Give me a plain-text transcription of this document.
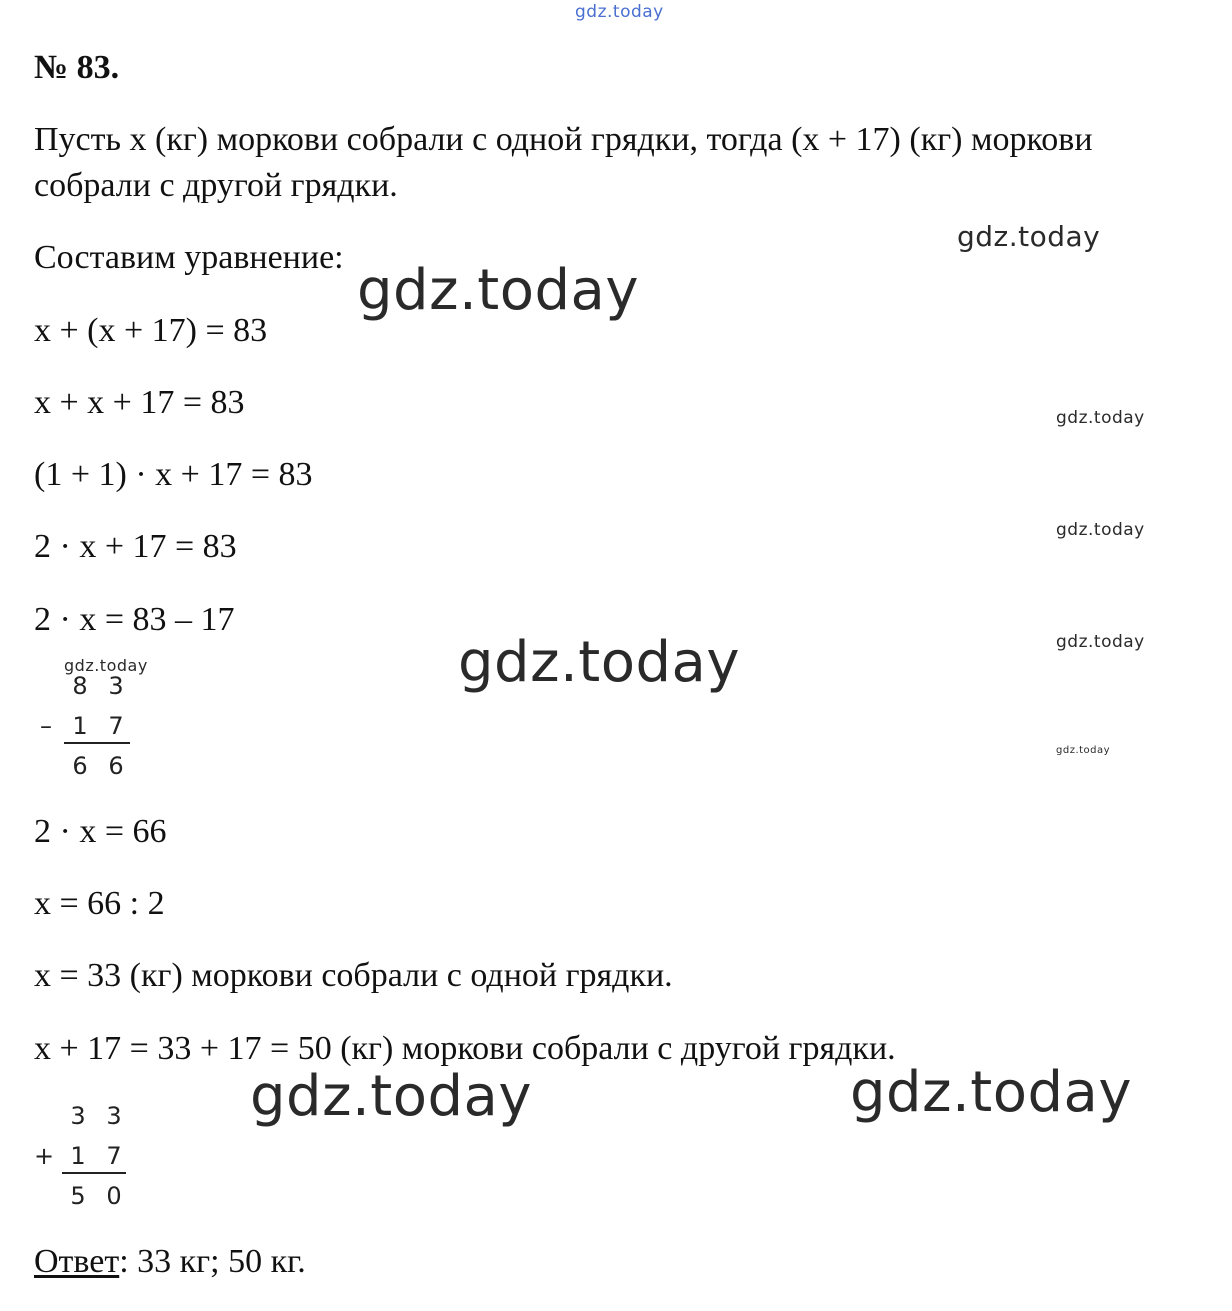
gdz.today
gdz.today
gdz.today
gdz.today
gdz.today
gdz.today
gdz.today
gdz.today
gdz.today
gdz.today	gdz.today
№ 83.
Пусть x (кг) моркови собрали с одной грядки, тогда (x + 17) (кг) моркови
собрали с другой грядки.
Составим уравнение:
x + (x + 17) = 83
x + x + 17 = 83
(1 + 1) · x + 17 = 83
2 · x + 17 = 83
2 · x = 83 – 17
8 3
– 1 7
6 6
2 · x = 66
x = 66 : 2
x = 33 (кг) моркови собрали с одной грядки.
x + 17 = 33 + 17 = 50 (кг) моркови собрали с другой грядки.
3 3
+ 1 7
5 0
Ответ: 33 кг; 50 кг.
